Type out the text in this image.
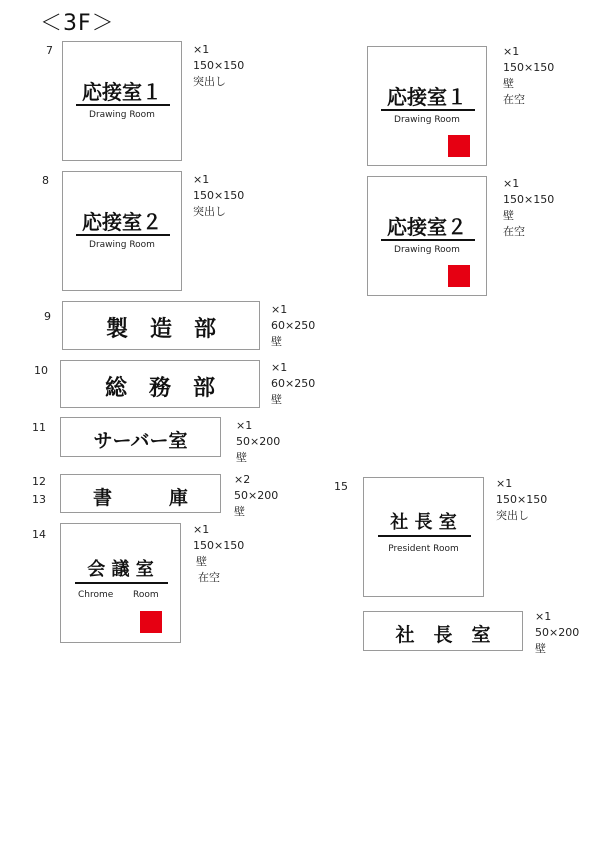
＜3F＞
7
応接室１
Drawing Room
×1
150×150
突出し
8
応接室２
Drawing Room
×1
150×150
突出し
応接室１
Drawing Room
×1
150×150
壁
在空
応接室２
Drawing Room
×1
150×150
壁
在空
9
製　造　部
×1
60×250
壁
10
総　務　部
×1
60×250
壁
11
サーバー室
×1
50×200
壁
12
13	書　　　庫
×2
50×200
壁
14
会 議 室
Chrome Room
×1
150×150
壁
在空
15
社 長 室
President Room
×1
150×150
突出し
社　長　室
×1
50×200
壁
